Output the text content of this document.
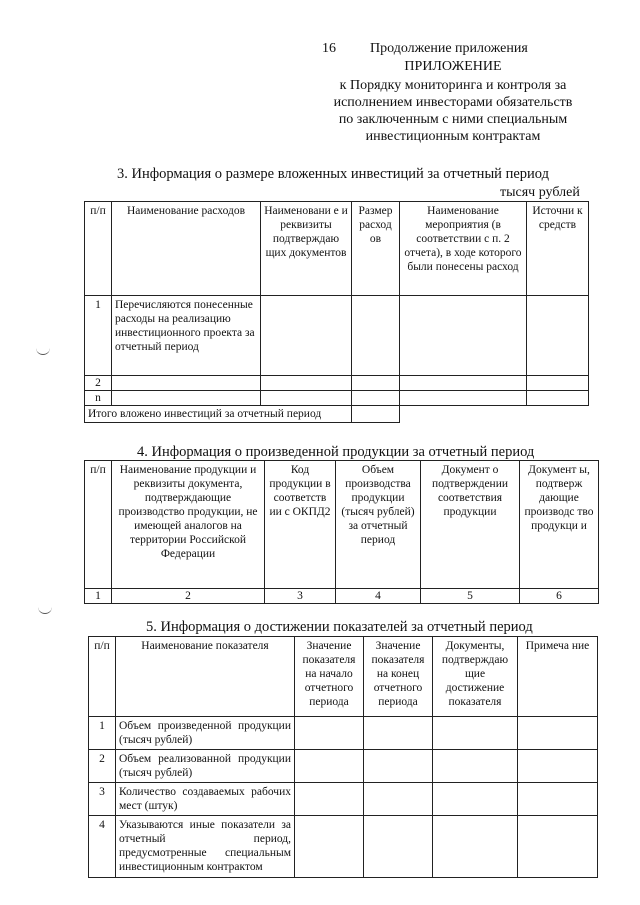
16 Продолжение приложения
ПРИЛОЖЕНИЕ
к Порядку мониторинга и контроля за
исполнением инвесторами обязательств
по заключенным с ними специальным
инвестиционным контрактам
3. Информация о размере вложенных инвестиций за отчетный период
тысяч рублей
п/п	Наименование расходов	Наименовани е и реквизиты подтверждаю щих документов	Размер расход ов	Наименование мероприятия (в соответствии с п. 2 отчета), в ходе которого были понесены расход	Источни к средств
1	Перечисляются понесенные расходы на реализацию инвестиционного проекта за отчетный период				
2					
n					
Итого вложено инвестиций за отчетный период					
4. Информация о произведенной продукции за отчетный период
п/п	Наименование продукции и реквизиты документа, подтверждающие производство продукции, не имеющей аналогов на территории Российской Федерации	Код продукции в соответств ии с ОКПД2	Объем производства продукции (тысяч рублей) за отчетный период	Документ о подтверждении соответствия продукции	Документ ы, подтверж дающие производс тво продукци и
1	2	3	4	5	6
5. Информация о достижении показателей за отчетный период
п/п	Наименование показателя	Значение показателя на начало отчетного периода	Значение показателя на конец отчетного периода	Документы, подтверждаю щие достижение показателя	Примеча ние
1	Объем произведенной продукции (тысяч рублей)				
2	Объем реализованной продукции (тысяч рублей)				
3	Количество создаваемых рабочих мест (штук)				
4	Указываются иные показатели за отчетный период, предусмотренные специальным инвестиционным контрактом				
